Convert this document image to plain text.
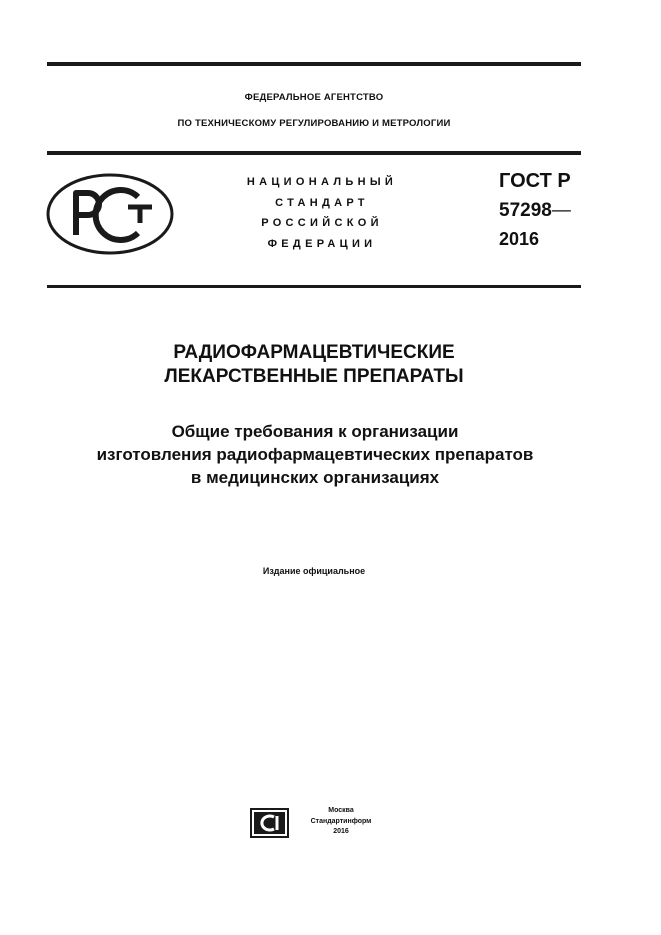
ФЕДЕРАЛЬНОЕ АГЕНТСТВО
ПО ТЕХНИЧЕСКОМУ РЕГУЛИРОВАНИЮ И МЕТРОЛОГИИ
НАЦИОНАЛЬНЫЙ
СТАНДАРТ
РОССИЙСКОЙ
ФЕДЕРАЦИИ
ГОСТ Р
57298—
2016
РАДИОФАРМАЦЕВТИЧЕСКИЕ
ЛЕКАРСТВЕННЫЕ ПРЕПАРАТЫ
Общие требования к организации
изготовления радиофармацевтических препаратов
в медицинских организациях
Издание официальное
Москва
Стандартинформ
2016
